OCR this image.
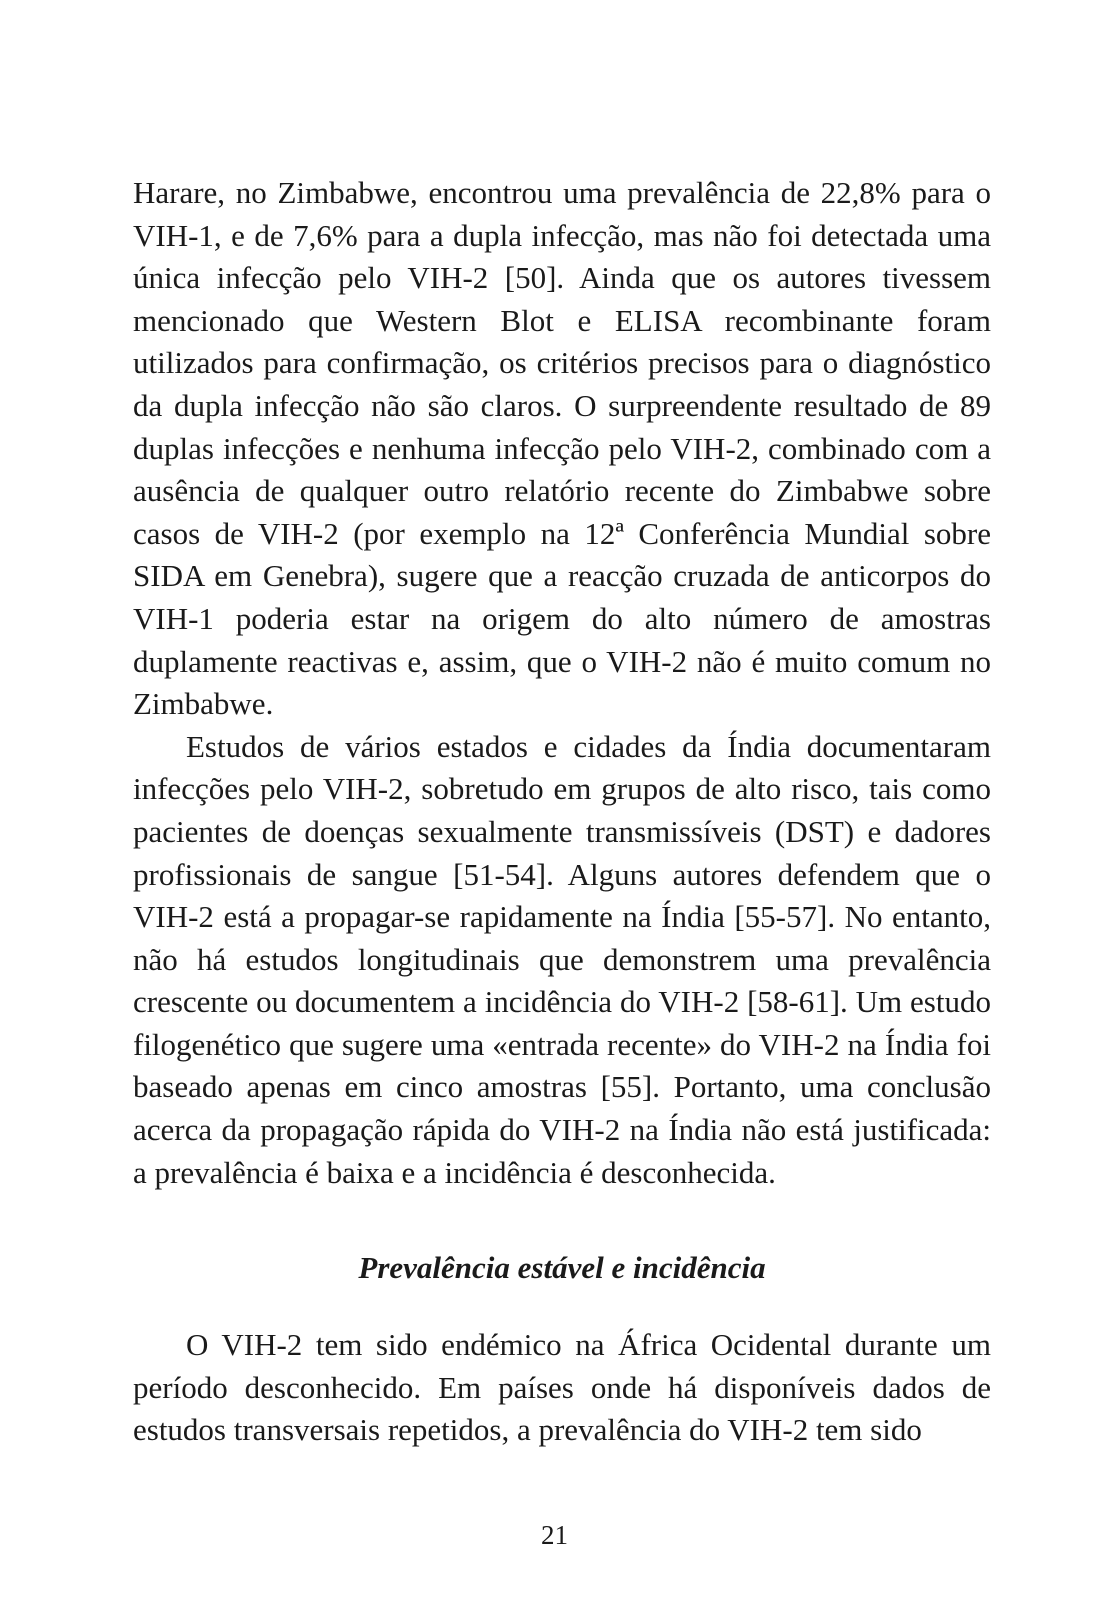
Harare, no Zimbabwe, encontrou uma prevalência de 22,8% para o VIH-1, e de 7,6% para a dupla infecção, mas não foi detectada uma única infecção pelo VIH-2 [50]. Ainda que os autores tivessem mencionado que Western Blot e ELISA recombinante foram utilizados para confirmação, os critérios precisos para o diagnóstico da dupla infecção não são claros. O surpreendente resultado de 89 duplas infecções e nenhuma infecção pelo VIH-2, combinado com a ausência de qualquer outro relatório recente do Zimbabwe sobre casos de VIH-2 (por exemplo na 12ª Conferência Mundial sobre SIDA em Genebra), sugere que a reacção cruzada de anticorpos do VIH-1 poderia estar na origem do alto número de amostras duplamente reactivas e, assim, que o VIH-2 não é muito comum no Zimbabwe.

Estudos de vários estados e cidades da Índia documentaram infecções pelo VIH-2, sobretudo em grupos de alto risco, tais como pacientes de doenças sexualmente transmissíveis (DST) e dadores profissionais de sangue [51-54]. Alguns autores defendem que o VIH-2 está a propagar-se rapidamente na Índia [55-57]. No entanto, não há estudos longitudinais que demonstrem uma prevalência crescente ou documentem a incidência do VIH-2 [58-61]. Um estudo filogenético que sugere uma «entrada recente» do VIH-2 na Índia foi baseado apenas em cinco amostras [55]. Portanto, uma conclusão acerca da propagação rápida do VIH-2 na Índia não está justificada: a prevalência é baixa e a incidência é desconhecida.

Prevalência estável e incidência

O VIH-2 tem sido endémico na África Ocidental durante um período desconhecido. Em países onde há disponíveis dados de estudos transversais repetidos, a prevalência do VIH-2 tem sido

21
